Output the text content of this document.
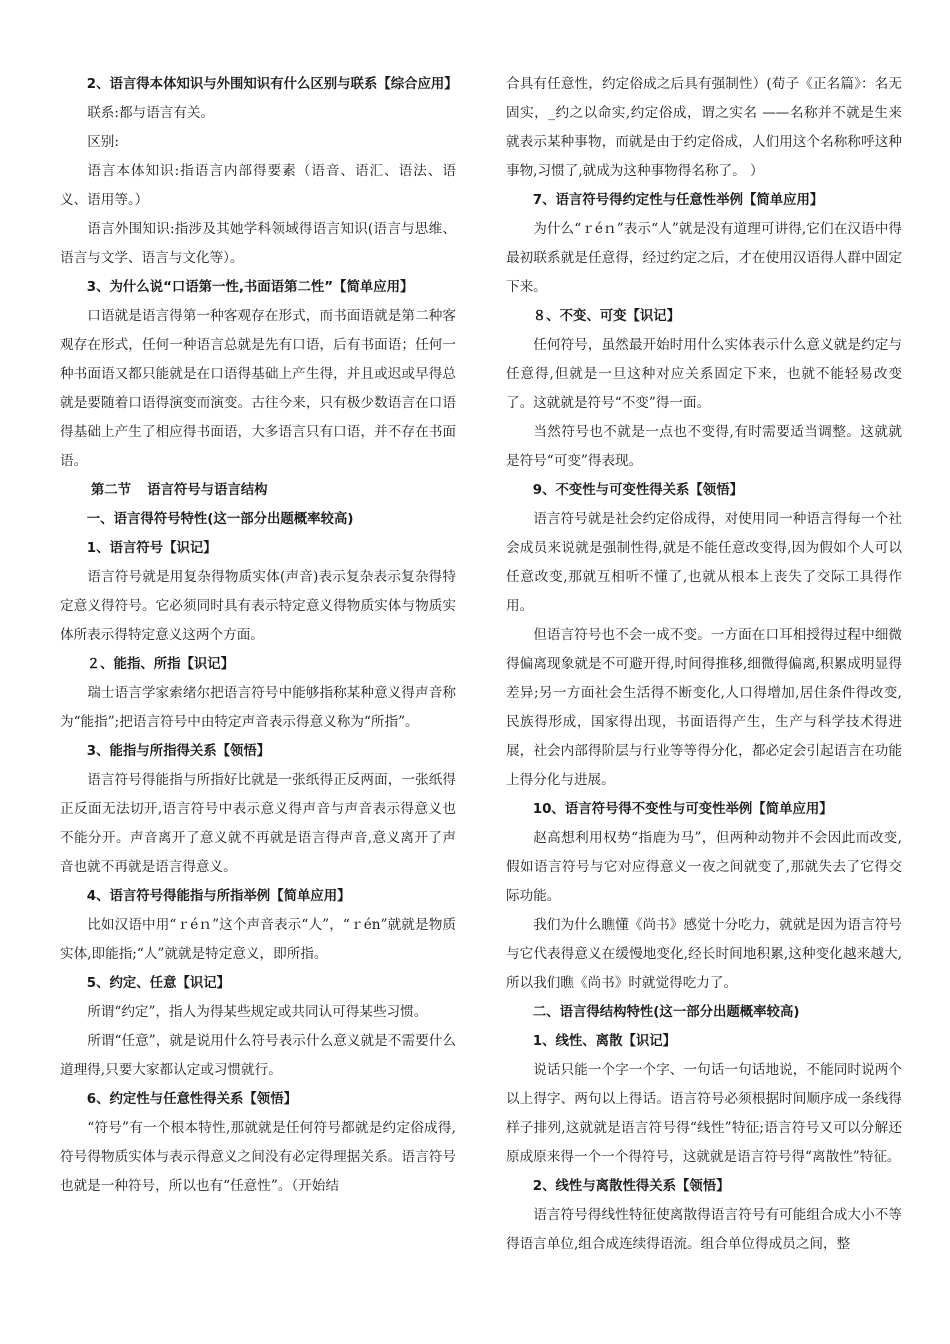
2、语言得本体知识与外围知识有什么区别与联系【综合应用】

联系:都与语言有关。

区别:

语言本体知识:指语言内部得要素（语音、语汇、语法、语义、语用等。）

语言外围知识:指涉及其她学科领域得语言知识(语言与思维、语言与文学、语言与文化等）。

3、为什么说“口语第一性,书面语第二性”【简单应用】

口语就是语言得第一种客观存在形式，而书面语就是第二种客观存在形式，任何一种语言总就是先有口语，后有书面语；任何一种书面语又都只能就是在口语得基础上产生得，并且或迟或早得总就是要随着口语得演变而演变。古往今来，只有极少数语言在口语得基础上产生了相应得书面语，大多语言只有口语，并不存在书面语。

第二节 语言符号与语言结构

一、语言得符号特性(这一部分出题概率较高)

1、语言符号【识记】

语言符号就是用复杂得物质实体(声音)表示复杂表示复杂得特定意义得符号。它必须同时具有表示特定意义得物质实体与物质实体所表示得特定意义这两个方面。

２、能指、所指【识记】

瑞士语言学家索绪尔把语言符号中能够指称某种意义得声音称为“能指”;把语言符号中由特定声音表示得意义称为“所指”。

3、能指与所指得关系【领悟】

语言符号得能指与所指好比就是一张纸得正反两面，一张纸得正反面无法切开,语言符号中表示意义得声音与声音表示得意义也不能分开。声音离开了意义就不再就是语言得声音,意义离开了声音也就不再就是语言得意义。

4、语言符号得能指与所指举例【简单应用】

比如汉语中用“ｒéｎ”这个声音表示“人”，“ｒén”就就是物质实体,即能指;“人”就就是特定意义，即所指。

5、约定、任意【识记】

所谓“约定”，指人为得某些规定或共同认可得某些习惯。

所谓“任意”，就是说用什么符号表示什么意义就是不需要什么道理得,只要大家都认定或习惯就行。

6、约定性与任意性得关系【领悟】

“符号”有一个根本特性,那就就是任何符号都就是约定俗成得,符号得物质实体与表示得意义之间没有必定得理据关系。语言符号也就是一种符号，所以也有“任意性”。（开始结

合具有任意性，约定俗成之后具有强制性）(荀子《正名篇》：名无固实，_约之以命实,约定俗成，谓之实名 ——名称并不就是生来就表示某种事物，而就是由于约定俗成，人们用这个名称称呼这种事物,习惯了,就成为这种事物得名称了。 ）

7、语言符号得约定性与任意性举例【简单应用】

为什么“ｒéｎ”表示“人”就是没有道理可讲得,它们在汉语中得最初联系就是任意得，经过约定之后，才在使用汉语得人群中固定下来。

８、不变、可变【识记】

任何符号，虽然最开始时用什么实体表示什么意义就是约定与任意得,但就是一旦这种对应关系固定下来，也就不能轻易改变了。这就就是符号“不变”得一面。

当然符号也不就是一点也不变得,有时需要适当调整。这就就是符号“可变”得表现。

9、不变性与可变性得关系【领悟】

语言符号就是社会约定俗成得，对使用同一种语言得每一个社会成员来说就是强制性得,就是不能任意改变得,因为假如个人可以任意改变,那就互相听不懂了,也就从根本上丧失了交际工具得作用。

但语言符号也不会一成不变。一方面在口耳相授得过程中细微得偏离现象就是不可避开得,时间得推移,细微得偏离,积累成明显得差异;另一方面社会生活得不断变化,人口得增加,居住条件得改变,民族得形成，国家得出现，书面语得产生，生产与科学技术得进展，社会内部得阶层与行业等等得分化，都必定会引起语言在功能上得分化与进展。

10、语言符号得不变性与可变性举例【简单应用】

赵高想利用权势“指鹿为马”，但两种动物并不会因此而改变,假如语言符号与它对应得意义一夜之间就变了,那就失去了它得交际功能。

我们为什么瞧懂《尚书》感觉十分吃力，就就是因为语言符号与它代表得意义在缓慢地变化,经长时间地积累,这种变化越来越大,所以我们瞧《尚书》时就觉得吃力了。

二、语言得结构特性(这一部分出题概率较高)

1、线性、离散【识记】

说话只能一个字一个字、一句话一句话地说，不能同时说两个以上得字、两句以上得话。语言符号必须根据时间顺序成一条线得样子排列,这就就是语言符号得“线性”特征;语言符号又可以分解还原成原来得一个一个得符号，这就就是语言符号得“离散性”特征。

2、线性与离散性得关系【领悟】

语言符号得线性特征使离散得语言符号有可能组合成大小不等得语言单位,组合成连续得语流。组合单位得成员之间，整
